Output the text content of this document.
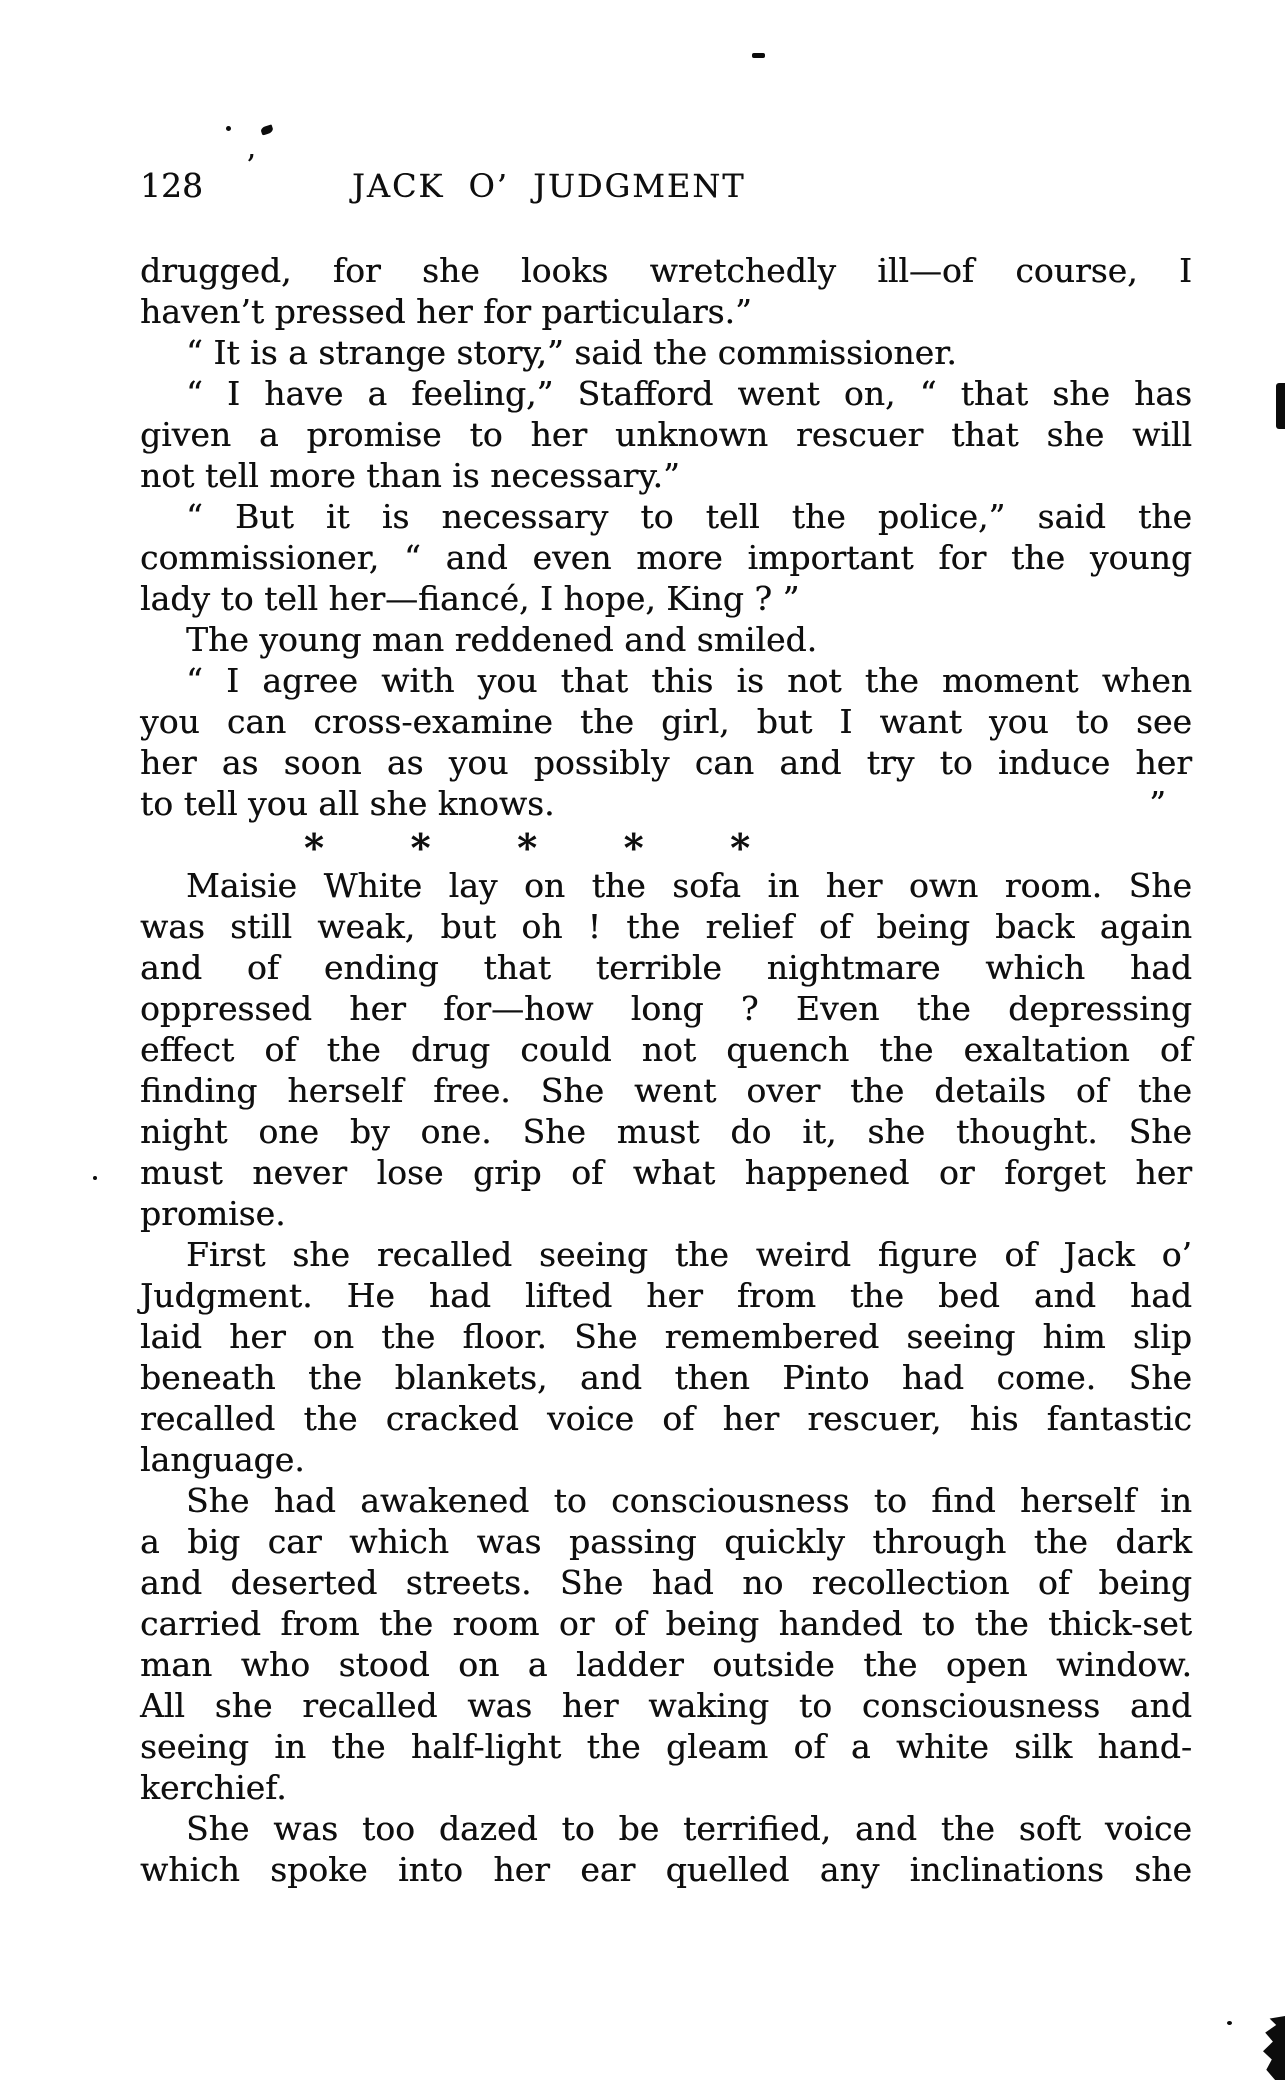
128	JACK O’ JUDGMENT
drugged, for she looks wretchedly ill—of course, I
haven’t pressed her for particulars.”
“ It is a strange story,” said the commissioner.
“ I have a feeling,” Stafford went on, “ that she has
given a promise to her unknown rescuer that she will
not tell more than is necessary.”
“ But it is necessary to tell the police,” said the
commissioner, “ and even more important for the young
lady to tell her—fiancé, I hope, King ? ”
The young man reddened and smiled.
“ I agree with you that this is not the moment when
you can cross-examine the girl, but I want you to see
her as soon as you possibly can and try to induce her
to tell you all she knows.	”
* * * * *
Maisie White lay on the sofa in her own room. She
was still weak, but oh ! the relief of being back again
and of ending that terrible nightmare which had
oppressed her for—how long ? Even the depressing
effect of the drug could not quench the exaltation of
finding herself free. She went over the details of the
night one by one. She must do it, she thought. She
must never lose grip of what happened or forget her
promise.
First she recalled seeing the weird figure of Jack o’
Judgment. He had lifted her from the bed and had
laid her on the floor. She remembered seeing him slip
beneath the blankets, and then Pinto had come. She
recalled the cracked voice of her rescuer, his fantastic
language.
She had awakened to consciousness to find herself in
a big car which was passing quickly through the dark
and deserted streets. She had no recollection of being
carried from the room or of being handed to the thick-set
man who stood on a ladder outside the open window.
All she recalled was her waking to consciousness and
seeing in the half-light the gleam of a white silk hand-
kerchief.
She was too dazed to be terrified, and the soft voice
which spoke into her ear quelled any inclinations she
’
